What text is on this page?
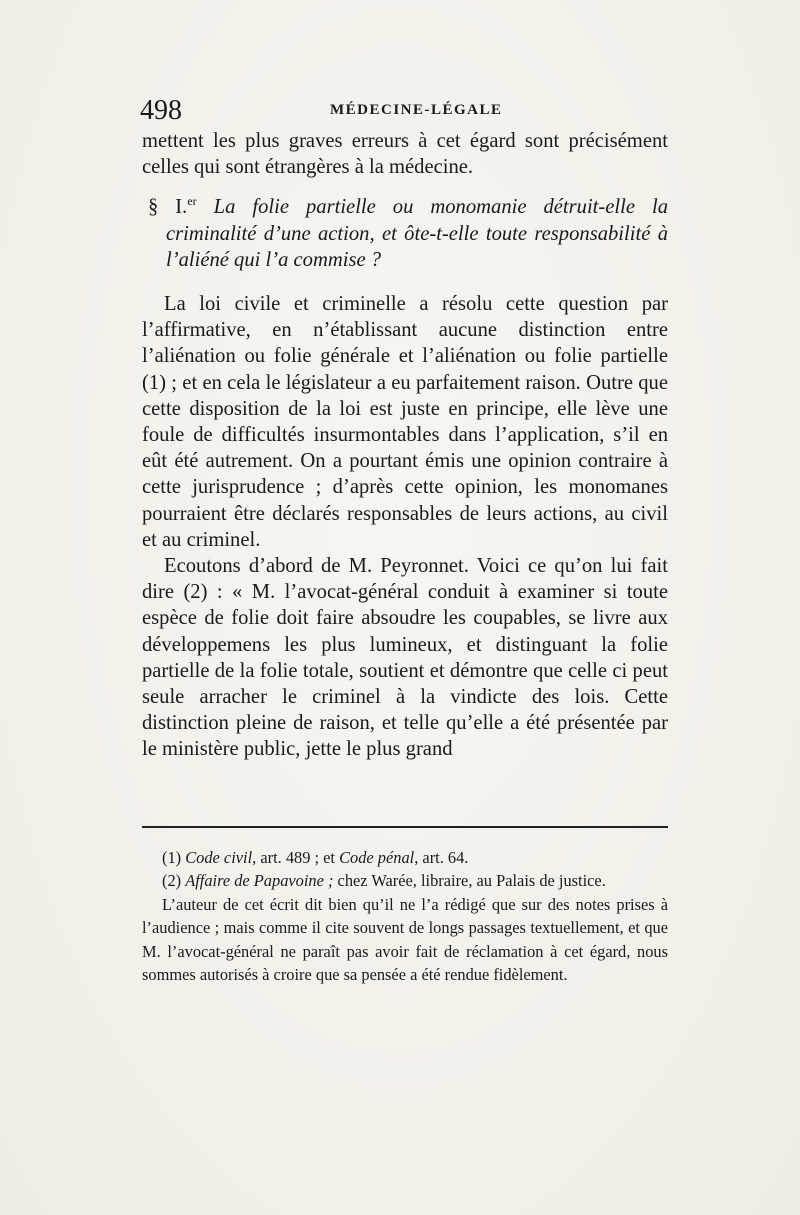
498	MÉDECINE-LÉGALE

mettent les plus graves erreurs à cet égard sont précisément celles qui sont étrangères à la médecine.

§ I.$^{er}$ La folie partielle ou monomanie détruit-elle la criminalité d’une action, et ôte-t-elle toute responsabilité à l’aliéné qui l’a commise ?

La loi civile et criminelle a résolu cette question par l’affirmative, en n’établissant aucune distinction entre l’aliénation ou folie générale et l’aliénation ou folie partielle (1) ; et en cela le législateur a eu parfaitement raison. Outre que cette disposition de la loi est juste en principe, elle lève une foule de difficultés insurmontables dans l’application, s’il en eût été autrement. On a pourtant émis une opinion contraire à cette jurisprudence ; d’après cette opinion, les monomanes pourraient être déclarés responsables de leurs actions, au civil et au criminel.

Ecoutons d’abord de M. Peyronnet. Voici ce qu’on lui fait dire (2) : « M. l’avocat-général conduit à examiner si toute espèce de folie doit faire absoudre les coupables, se livre aux développemens les plus lumineux, et distinguant la folie partielle de la folie totale, soutient et démontre que celle ci peut seule arracher le criminel à la vindicte des lois. Cette distinction pleine de raison, et telle qu’elle a été présentée par le ministère public, jette le plus grand

(1) Code civil, art. 489 ; et Code pénal, art. 64.

(2) Affaire de Papavoine ; chez Warée, libraire, au Palais de justice.

L’auteur de cet écrit dit bien qu’il ne l’a rédigé que sur des notes prises à l’audience ; mais comme il cite souvent de longs passages textuellement, et que M. l’avocat-général ne paraît pas avoir fait de réclamation à cet égard, nous sommes autorisés à croire que sa pensée a été rendue fidèlement.
